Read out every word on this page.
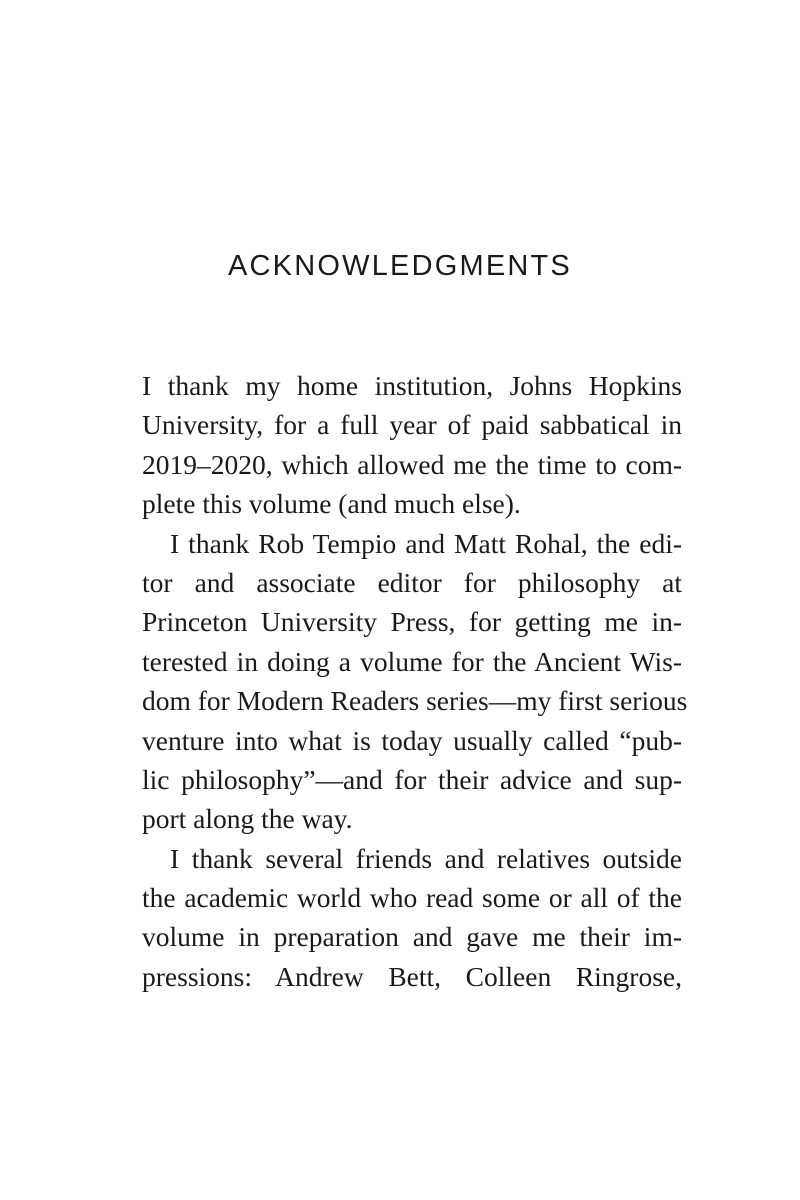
ACKNOWLEDGMENTS
I thank my home institution, Johns Hopkins
University, for a full year of paid sabbatical in
2019–2020, which allowed me the time to com-
plete this volume (and much else).
I thank Rob Tempio and Matt Rohal, the edi-
tor and associate editor for philosophy at
Princeton University Press, for getting me in-
terested in doing a volume for the Ancient Wis-
dom for Modern Readers series—my first serious
venture into what is today usually called “pub-
lic philosophy”—and for their advice and sup-
port along the way.
I thank several friends and relatives outside
the academic world who read some or all of the
volume in preparation and gave me their im-
pressions: Andrew Bett, Colleen Ringrose,
